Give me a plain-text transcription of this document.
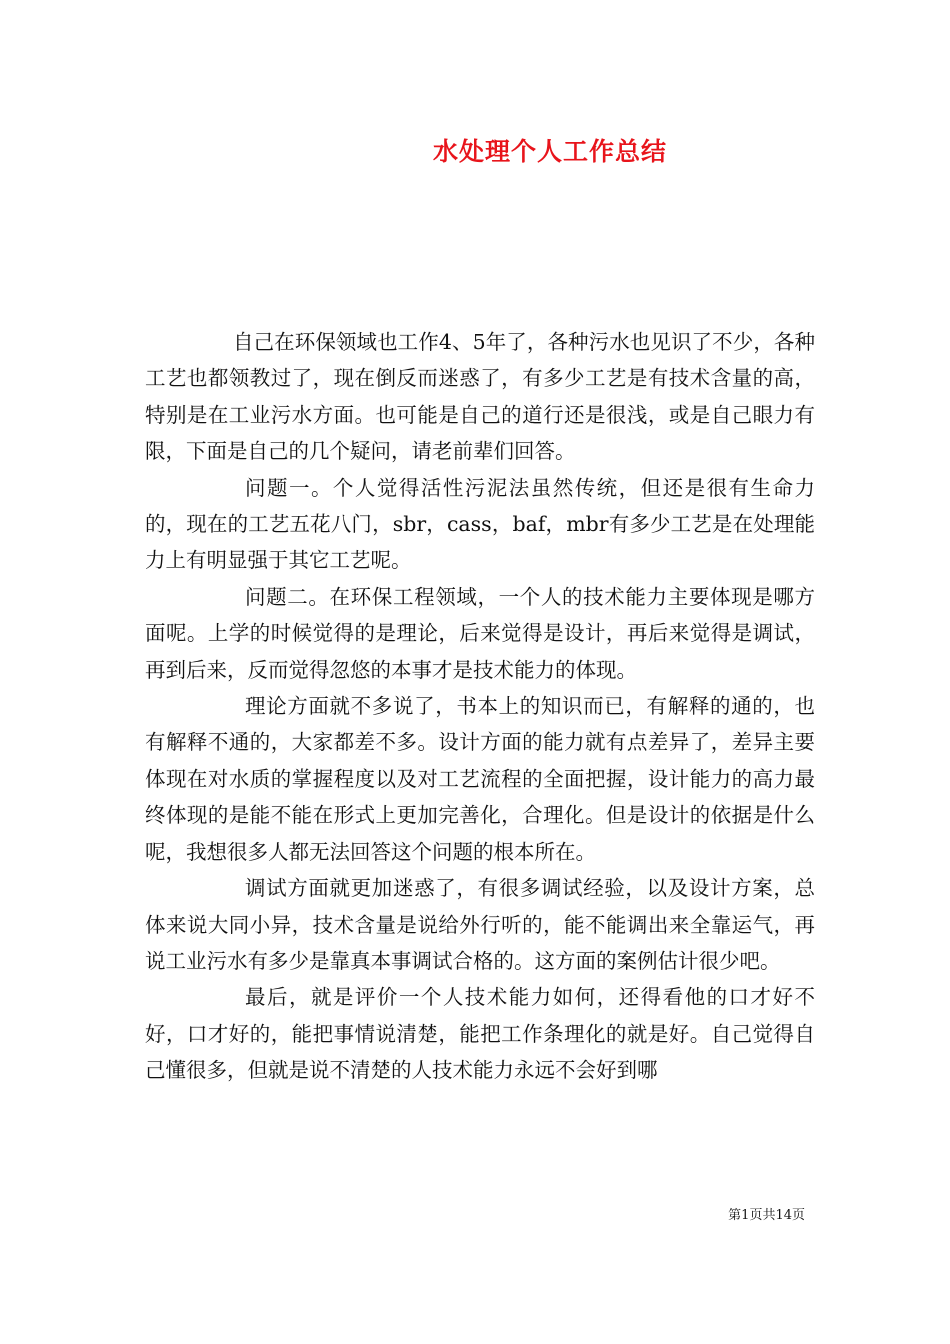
水处理个人工作总结

自己在环保领域也工作4、5年了，各种污水也见识了不少，各种工艺也都领教过了，现在倒反而迷惑了，有多少工艺是有技术含量的高，特别是在工业污水方面。也可能是自己的道行还是很浅，或是自己眼力有限，下面是自己的几个疑问，请老前辈们回答。

问题一。个人觉得活性污泥法虽然传统，但还是很有生命力的，现在的工艺五花八门，sbr，cass，baf，mbr有多少工艺是在处理能力上有明显强于其它工艺呢。

问题二。在环保工程领域，一个人的技术能力主要体现是哪方面呢。上学的时候觉得的是理论，后来觉得是设计，再后来觉得是调试，再到后来，反而觉得忽悠的本事才是技术能力的体现。

理论方面就不多说了，书本上的知识而已，有解释的通的，也有解释不通的，大家都差不多。设计方面的能力就有点差异了，差异主要体现在对水质的掌握程度以及对工艺流程的全面把握，设计能力的高力最终体现的是能不能在形式上更加完善化，合理化。但是设计的依据是什么呢，我想很多人都无法回答这个问题的根本所在。

调试方面就更加迷惑了，有很多调试经验，以及设计方案，总体来说大同小异，技术含量是说给外行听的，能不能调出来全靠运气，再说工业污水有多少是靠真本事调试合格的。这方面的案例估计很少吧。

最后，就是评价一个人技术能力如何，还得看他的口才好不好，口才好的，能把事情说清楚，能把工作条理化的就是好。自己觉得自己懂很多，但就是说不清楚的人技术能力永远不会好到哪

第1页共14页
